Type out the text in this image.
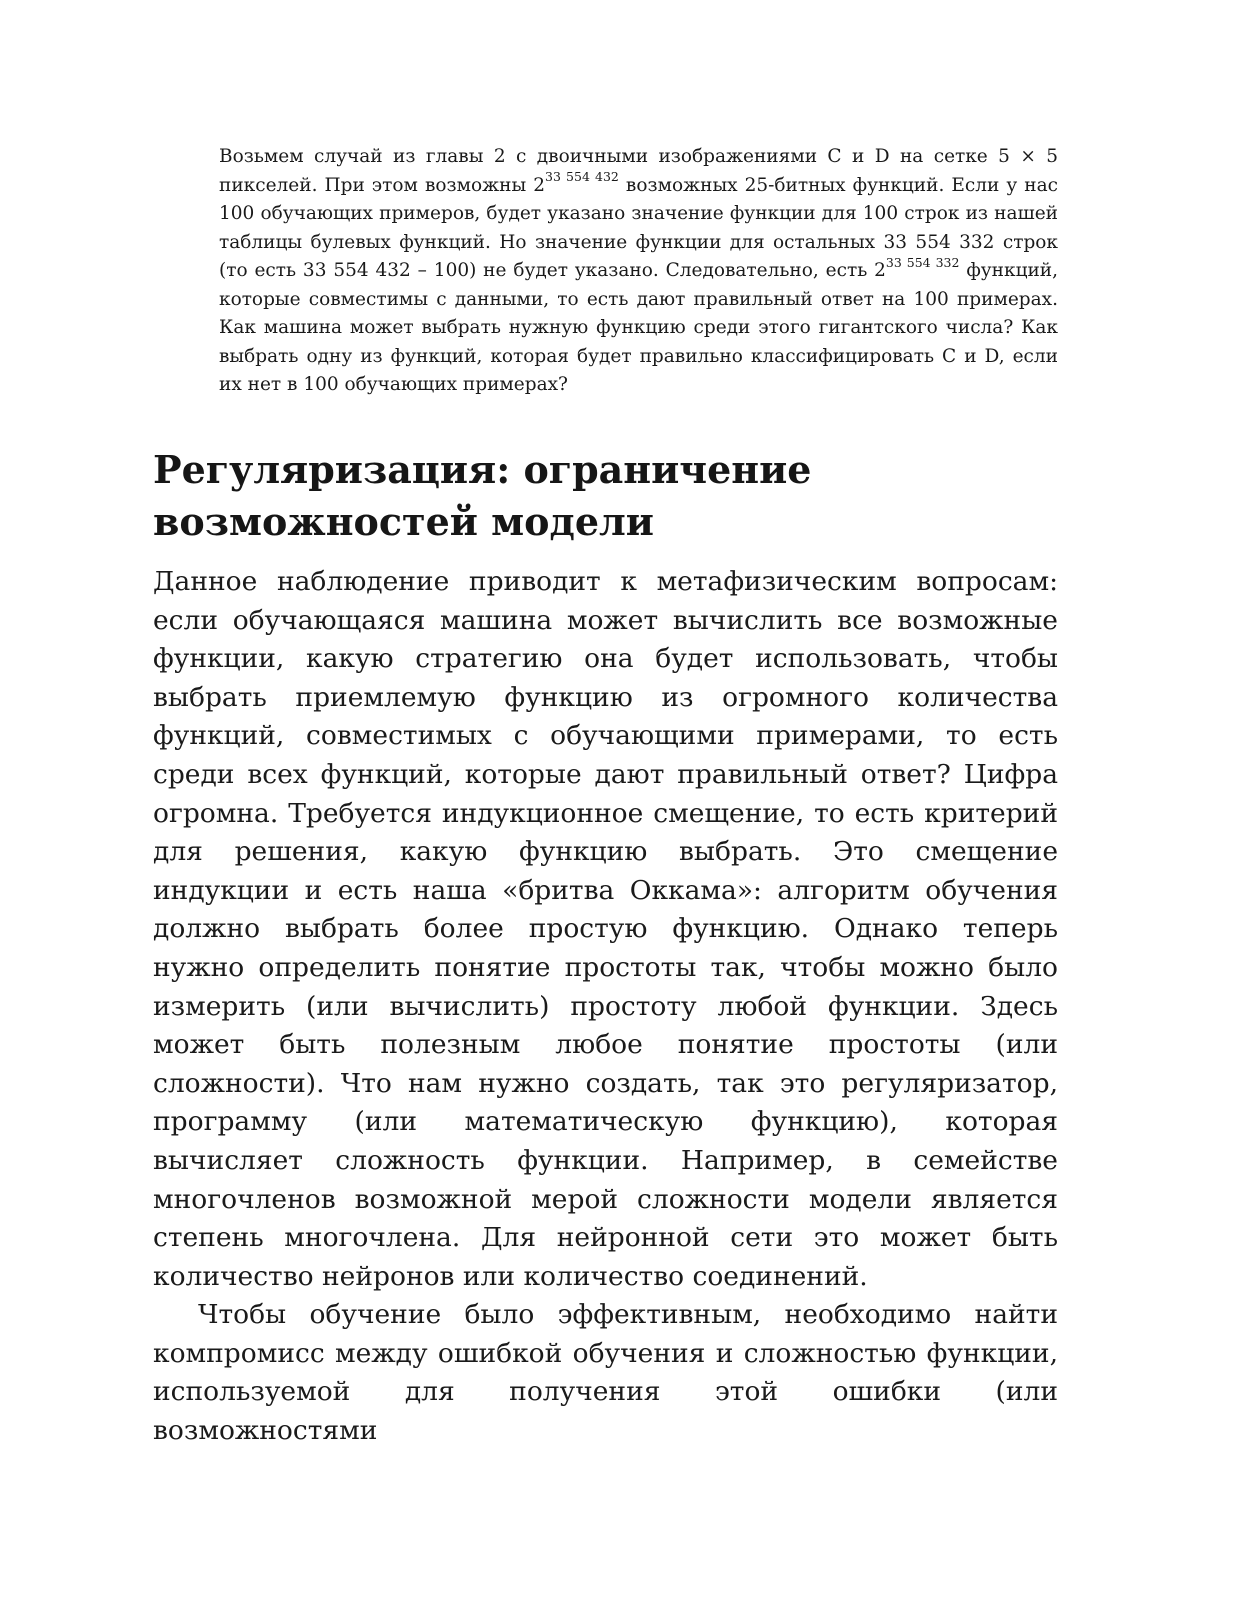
Возьмем случай из главы 2 с двоичными изображениями С и D на сетке 5 × 5 пикселей. При этом возможны $2^{33 554 432}$ возможных 25-битных функций. Если у нас 100 обучающих примеров, будет указано значение функции для 100 строк из нашей таблицы булевых функций. Но значение функции для остальных 33 554 332 строк (то есть 33 554 432 – 100) не будет указано. Следовательно, есть $2^{33 554 332}$ функций, которые совместимы с данными, то есть дают правильный ответ на 100 примерах. Как машина может выбрать нужную функцию среди этого гигантского числа? Как выбрать одну из функций, которая будет правильно классифицировать С и D, если их нет в 100 обучающих примерах?

Регуляризация: ограничение возможностей модели

Данное наблюдение приводит к метафизическим вопросам: если обучающаяся машина может вычислить все возможные функции, какую стратегию она будет использовать, чтобы выбрать приемлемую функцию из огромного количества функций, совместимых с обучающими примерами, то есть среди всех функций, которые дают правильный ответ? Цифра огромна. Требуется индукционное смещение, то есть критерий для решения, какую функцию выбрать. Это смещение индукции и есть наша «бритва Оккама»: алгоритм обучения должно выбрать более простую функцию. Однако теперь нужно определить понятие простоты так, чтобы можно было измерить (или вычислить) простоту любой функции. Здесь может быть полезным любое понятие простоты (или сложности). Что нам нужно создать, так это регуляризатор, программу (или математическую функцию), которая вычисляет сложность функции. Например, в семействе многочленов возможной мерой сложности модели является степень многочлена. Для нейронной сети это может быть количество нейронов или количество соединений.

Чтобы обучение было эффективным, необходимо найти компромисс между ошибкой обучения и сложностью функции, используемой для получения этой ошибки (или возможностями
